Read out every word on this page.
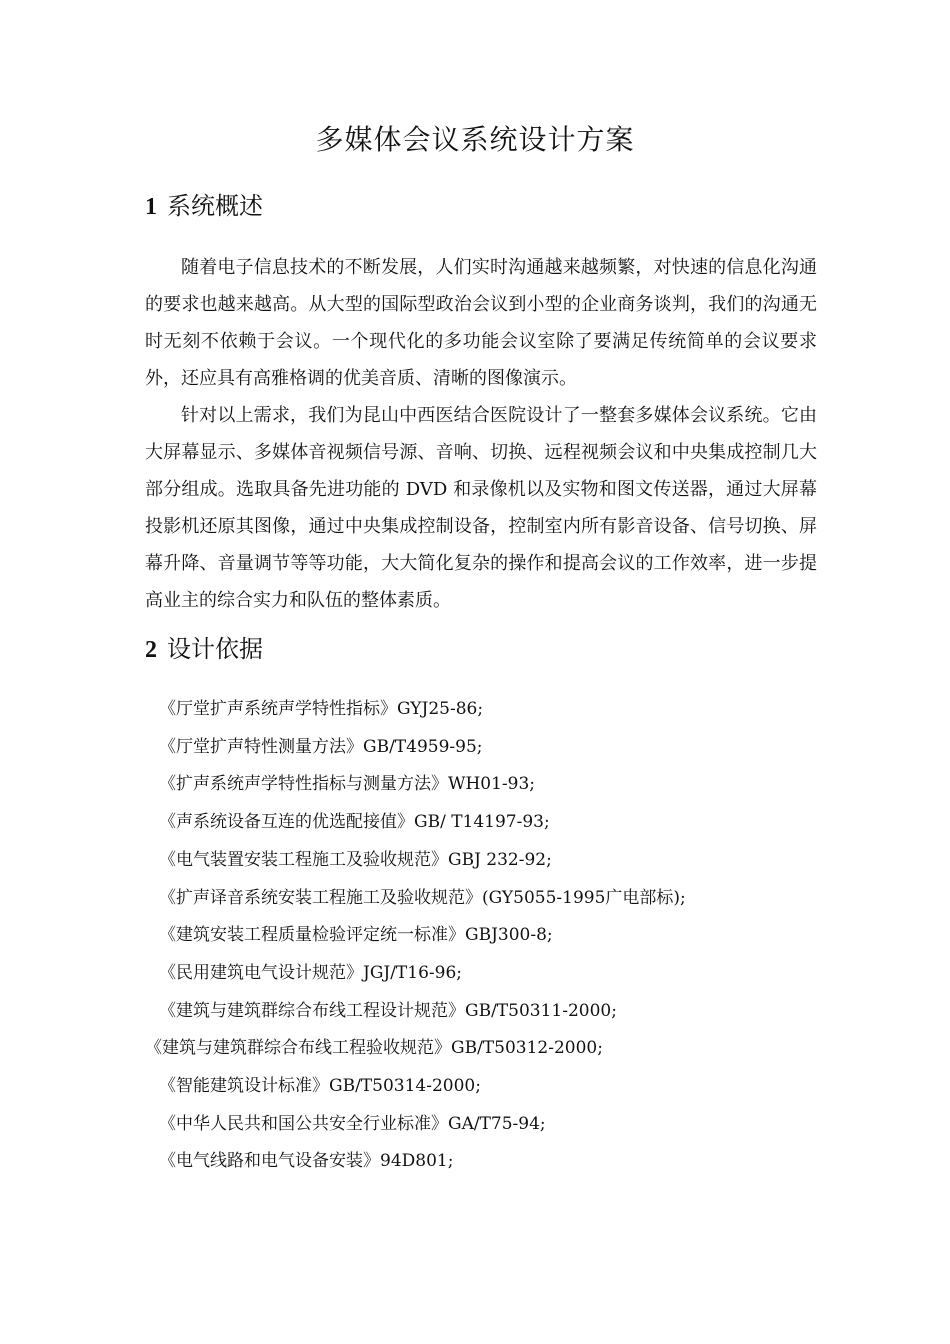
多媒体会议系统设计方案
1 系统概述

随着电子信息技术的不断发展，人们实时沟通越来越频繁，对快速的信息化沟通的要求也越来越高。从大型的国际型政治会议到小型的企业商务谈判，我们的沟通无时无刻不依赖于会议。一个现代化的多功能会议室除了要满足传统简单的会议要求外，还应具有高雅格调的优美音质、清晰的图像演示。

针对以上需求，我们为昆山中西医结合医院设计了一整套多媒体会议系统。它由大屏幕显示、多媒体音视频信号源、音响、切换、远程视频会议和中央集成控制几大部分组成。选取具备先进功能的 DVD 和录像机以及实物和图文传送器，通过大屏幕投影机还原其图像，通过中央集成控制设备，控制室内所有影音设备、信号切换、屏幕升降、音量调节等等功能，大大简化复杂的操作和提高会议的工作效率，进一步提高业主的综合实力和队伍的整体素质。

2 设计依据
《厅堂扩声系统声学特性指标》GYJ25-86;
《厅堂扩声特性测量方法》GB/T4959-95;
《扩声系统声学特性指标与测量方法》WH01-93;
《声系统设备互连的优选配接值》GB/ T14197-93;
《电气装置安装工程施工及验收规范》GBJ 232-92;
《扩声译音系统安装工程施工及验收规范》(GY5055-1995广电部标);
《建筑安装工程质量检验评定统一标准》GBJ300-8;
《民用建筑电气设计规范》JGJ/T16-96;
《建筑与建筑群综合布线工程设计规范》GB/T50311-2000;
《建筑与建筑群综合布线工程验收规范》GB/T50312-2000;
《智能建筑设计标准》GB/T50314-2000;
《中华人民共和国公共安全行业标准》GA/T75-94;
《电气线路和电气设备安装》94D801;
